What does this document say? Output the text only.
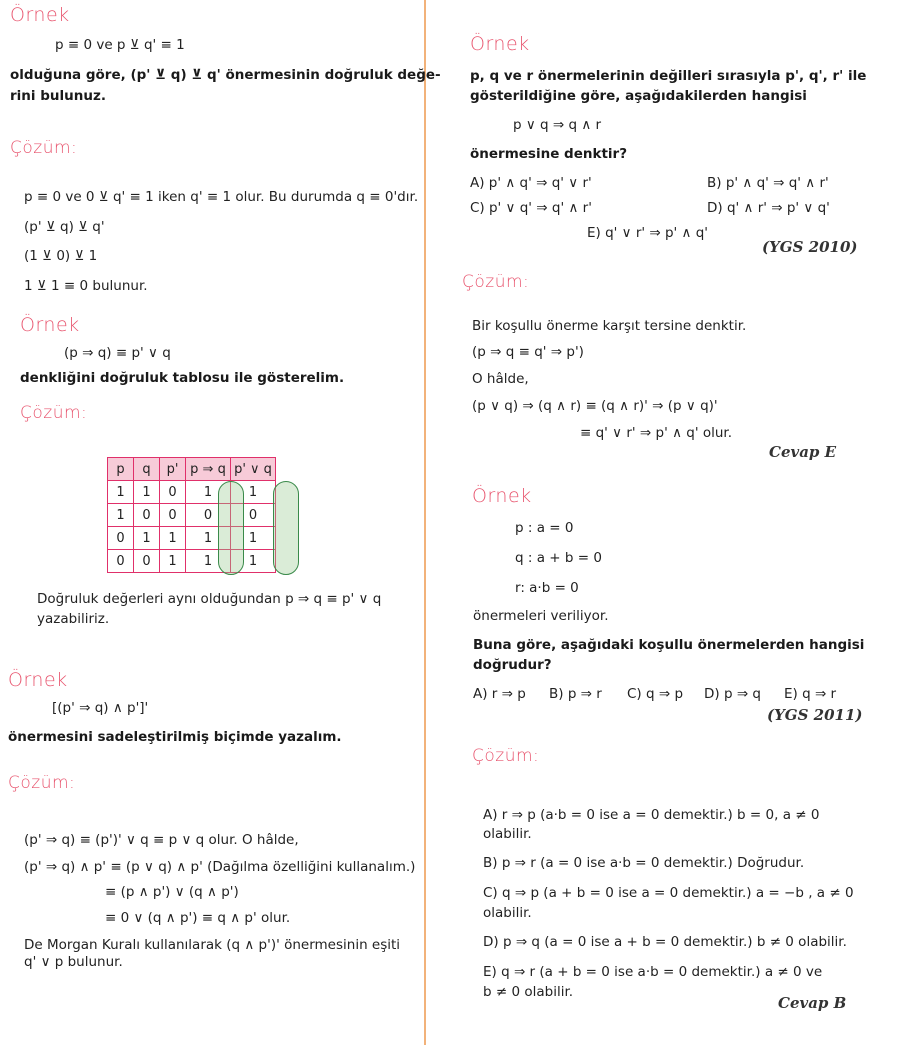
Örnek
p ≡ 0 ve p ⊻ q' ≡ 1
olduğuna göre, (p' ⊻ q) ⊻ q' önermesinin doğruluk değe-
rini bulunuz.
Çözüm:
p ≡ 0 ve 0 ⊻ q' ≡ 1 iken q' ≡ 1 olur. Bu durumda q ≡ 0'dır.
(p' ⊻ q) ⊻ q'
(1 ⊻ 0) ⊻ 1
1 ⊻ 1 ≡ 0 bulunur.
Örnek
(p ⇒ q) ≡ p' ∨ q
denkliğini doğruluk tablosu ile gösterelim.
Çözüm:
p	q	p'	p ⇒ q	p' ∨ q
1	1	0	1	1
1	0	0	0	0
0	1	1	1	1
0	0	1	1	1
Doğruluk değerleri aynı olduğundan p ⇒ q ≡ p' ∨ q
yazabiliriz.
Örnek
[(p' ⇒ q) ∧ p']'
önermesini sadeleştirilmiş biçimde yazalım.
Çözüm:
(p' ⇒ q) ≡ (p')' ∨ q ≡ p ∨ q olur. O hâlde,
(p' ⇒ q) ∧ p' ≡ (p ∨ q) ∧ p' (Dağılma özelliğini kullanalım.)
≡ (p ∧ p') ∨ (q ∧ p')
≡ 0 ∨ (q ∧ p') ≡ q ∧ p' olur.
De Morgan Kuralı kullanılarak (q ∧ p')' önermesinin eşiti
q' ∨ p bulunur.
Örnek
p, q ve r önermelerinin değilleri sırasıyla p', q', r' ile
gösterildiğine göre, aşağıdakilerden hangisi
p ∨ q ⇒ q ∧ r
önermesine denktir?
A) p' ∧ q' ⇒ q' ∨ r'	B) p' ∧ q' ⇒ q' ∧ r'
C) p' ∨ q' ⇒ q' ∧ r'	D) q' ∧ r' ⇒ p' ∨ q'
E) q' ∨ r' ⇒ p' ∧ q'
(YGS 2010)
Çözüm:
Bir koşullu önerme karşıt tersine denktir.
(p ⇒ q ≡ q' ⇒ p')
O hâlde,
(p ∨ q) ⇒ (q ∧ r) ≡ (q ∧ r)' ⇒ (p ∨ q)'
≡ q' ∨ r' ⇒ p' ∧ q' olur.
Cevap E
Örnek
p : a = 0
q : a + b = 0
r: a·b = 0
önermeleri veriliyor.
Buna göre, aşağıdaki koşullu önermelerden hangisi
doğrudur?
A) r ⇒ p B) p ⇒ r C) q ⇒ p D) p ⇒ q E) q ⇒ r
(YGS 2011)
Çözüm:
A) r ⇒ p (a·b = 0 ise a = 0 demektir.) b = 0, a ≠ 0
olabilir.
B) p ⇒ r (a = 0 ise a·b = 0 demektir.) Doğrudur.
C) q ⇒ p (a + b = 0 ise a = 0 demektir.) a = −b , a ≠ 0
olabilir.
D) p ⇒ q (a = 0 ise a + b = 0 demektir.) b ≠ 0 olabilir.
E) q ⇒ r (a + b = 0 ise a·b = 0 demektir.) a ≠ 0 ve
b ≠ 0 olabilir.
Cevap B
